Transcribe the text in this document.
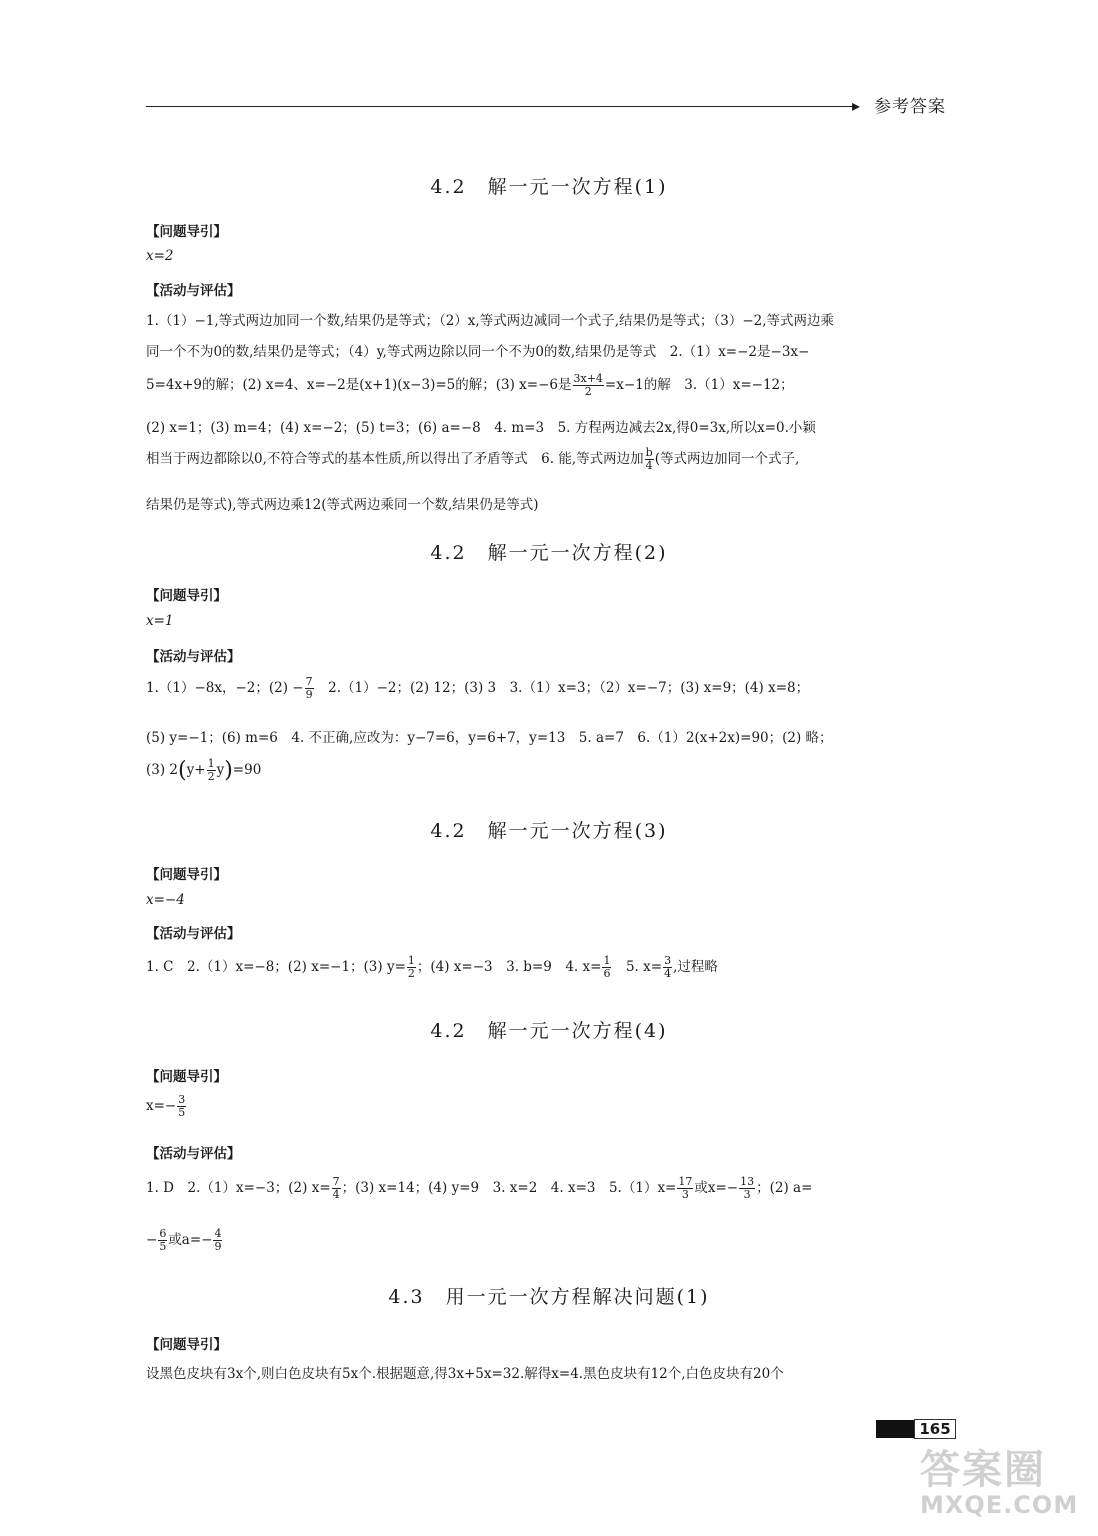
▸ 参考答案
4.2　解一元一次方程(1)
【问题导引】
x=2
【活动与评估】
1.（1）−1,等式两边加同一个数,结果仍是等式；（2）x,等式两边减同一个式子,结果仍是等式；（3）−2,等式两边乘
同一个不为0的数,结果仍是等式；（4）y,等式两边除以同一个不为0的数,结果仍是等式　2.（1）x=−2是−3x−
5=4x+9的解；(2) x=4、x=−2是(x+1)(x−3)=5的解；(3) x=−6是 $\frac{3x+4}{2} =x-1$的解　3.（1）x=−12；
(2) x=1；(3) m=4；(4) x=−2；(5) t=3；(6) a=−8　4. m=3　5. 方程两边减去2x,得0=3x,所以x=0.小颖
相当于两边都除以0,不符合等式的基本性质,所以得出了矛盾等式　6. 能,等式两边加 $\frac{b}{4}$ (等式两边加同一个式子,
结果仍是等式),等式两边乘12(等式两边乘同一个数,结果仍是等式)
4.2　解一元一次方程(2)
【问题导引】
x=1
【活动与评估】
1.（1）−8x，−2；$(2) - \frac{7}{9}$
　 2.（1）−2；(2) 12；(3) 3　3.（1）x=3；（2）x=−7；(3) x=9；(4) x=8；
(5) y=−1；(6) m=6　4. 不正确,应改为：y−7=6，y=6+7，y=13　5. a=7　6.（1）2(x+2x)=90；(2) 略；
(3) $2(y+ \frac{1}{2} y)=90$
4.2　解一元一次方程(3)
【问题导引】
x=−4
【活动与评估】
1. C　2.（1）x=−8；(2) x=−1；(3) $y= \frac{1}{2}$ ；(4) x=−3　3. b=9　4. $x= \frac{1}{6}$ 　5. $x= \frac{3}{4}$ ,过程略
4.2　解一元一次方程(4)
【问题导引】
$x=- \frac{3}{5}$
【活动与评估】
1. D　2.（1）x=−3；(2) $x= \frac{7}{4}$ ；(3) x=14；(4) y=9　3. x=2　4. x=3　$5.(1)x= \frac{17}{3}$ 或$x=- \frac{13}{3}$ ；(2) a=
− $\frac{6}{5}$ 或$a=- \frac{4}{9}$
4.3　用一元一次方程解决问题(1)
【问题导引】
设黑色皮块有3x个,则白色皮块有5x个.根据题意,得3x+5x=32.解得x=4.黑色皮块有12个,白色皮块有20个
165
答案圈
MXQE.COM
